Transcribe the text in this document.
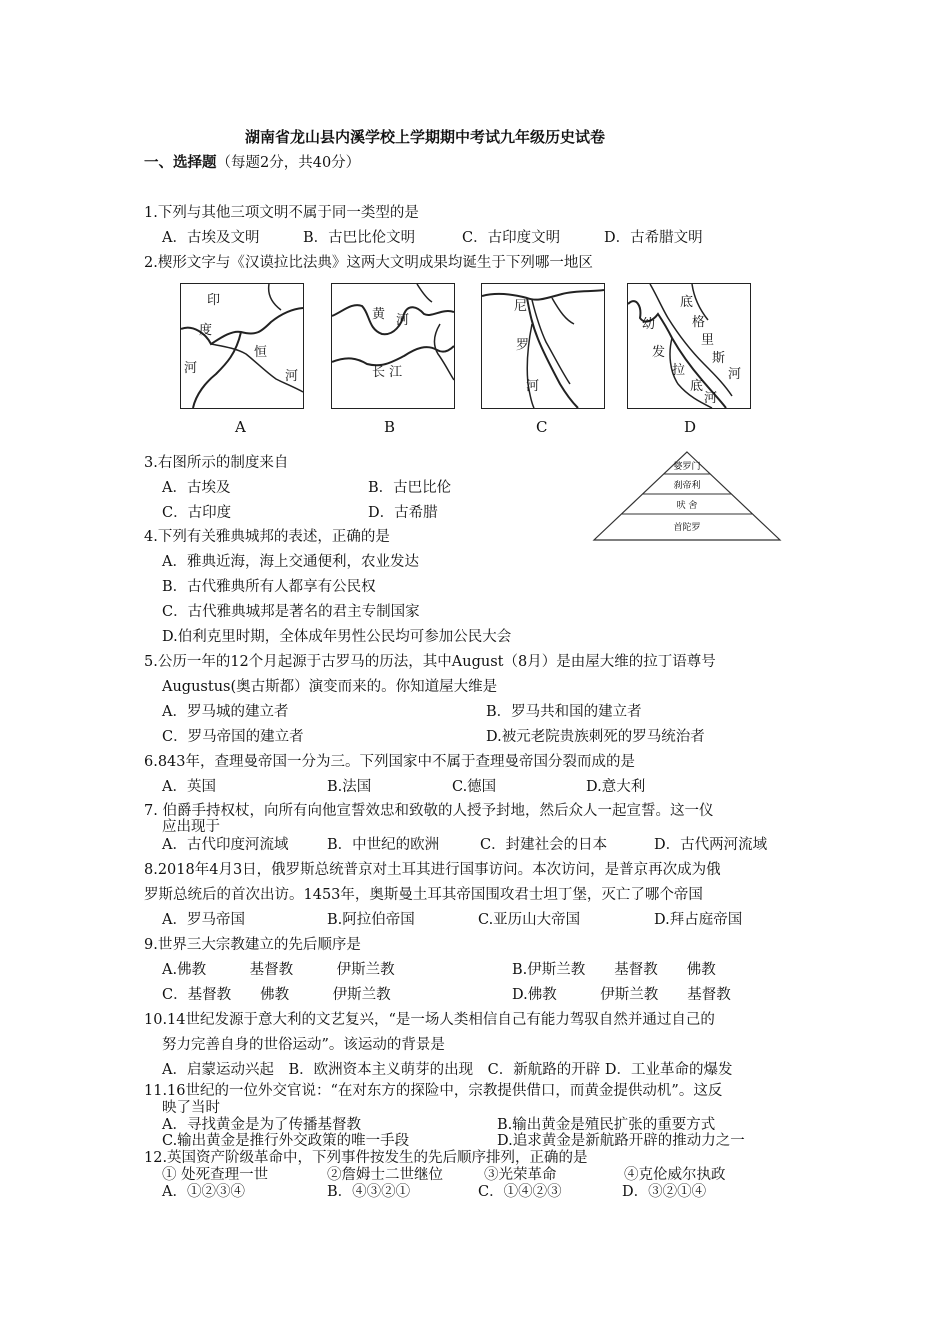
湖南省龙山县内溪学校上学期期中考试九年级历史试卷
一、选择题（每题2分，共40分）
1.下列与其他三项文明不属于同一类型的是
A．古埃及文明	B．古巴比伦文明	C．古印度文明	D．古希腊文明
2.楔形文字与《汉谟拉比法典》这两大文明成果均诞生于下列哪一地区
印
度
河
恒
河
A
黄 河
长 江
B
尼
罗
河
C
底
格
里
斯
河
幼
发
拉
底
河
D
3.右图所示的制度来自
A．古埃及	B．古巴比伦
C．古印度	D．古希腊
婆罗门
刹帝利
吠 舍
首陀罗
4.下列有关雅典城邦的表述，正确的是
A．雅典近海，海上交通便利，农业发达
B．古代雅典所有人都享有公民权
C．古代雅典城邦是著名的君主专制国家
D.伯利克里时期，全体成年男性公民均可参加公民大会
5.公历一年的12个月起源于古罗马的历法，其中August（8月）是由屋大维的拉丁语尊号
Augustus(奥古斯都）演变而来的。你知道屋大维是
A．罗马城的建立者	B．罗马共和国的建立者
C．罗马帝国的建立者	D.被元老院贵族刺死的罗马统治者
6.843年，查理曼帝国一分为三。下列国家中不属于查理曼帝国分裂而成的是
A．英国	B.法国	C.德国	D.意大利
7. 伯爵手持权杖，向所有向他宣誓效忠和致敬的人授予封地，然后众人一起宣誓。这一仪
应出现于
A．古代印度河流域	B．中世纪的欧洲	C．封建社会的日本	D．古代两河流域
8.2018年4月3日，俄罗斯总统普京对土耳其进行国事访问。本次访问，是普京再次成为俄
罗斯总统后的首次出访。1453年，奥斯曼土耳其帝国围攻君士坦丁堡，灭亡了哪个帝国
A．罗马帝国	B.阿拉伯帝国	C.亚历山大帝国	D.拜占庭帝国
9.世界三大宗教建立的先后顺序是
A.佛教　　　基督教　　　伊斯兰教	B.伊斯兰教　　基督教　　佛教
C．基督教　　佛教　　　伊斯兰教	D.佛教　　　伊斯兰教　　基督教
10.14世纪发源于意大利的文艺复兴，“是一场人类相信自己有能力驾驭自然并通过自己的
努力完善自身的世俗运动”。该运动的背景是
A．启蒙运动兴起　B．欧洲资本主义萌芽的出现　C．新航路的开辟 D．工业革命的爆发
11.16世纪的一位外交官说：“在对东方的探险中，宗教提供借口，而黄金提供动机”。这反
映了当时
A．寻找黄金是为了传播基督教	B.输出黄金是殖民扩张的重要方式
C.输出黄金是推行外交政策的唯一手段	D.追求黄金是新航路开辟的推动力之一
12.英国资产阶级革命中，下列事件按发生的先后顺序排列，正确的是
① 处死查理一世	②詹姆士二世继位	③光荣革命	④克伦威尔执政
A．①②③④	B．④③②①	C．①④②③	D．③②①④
